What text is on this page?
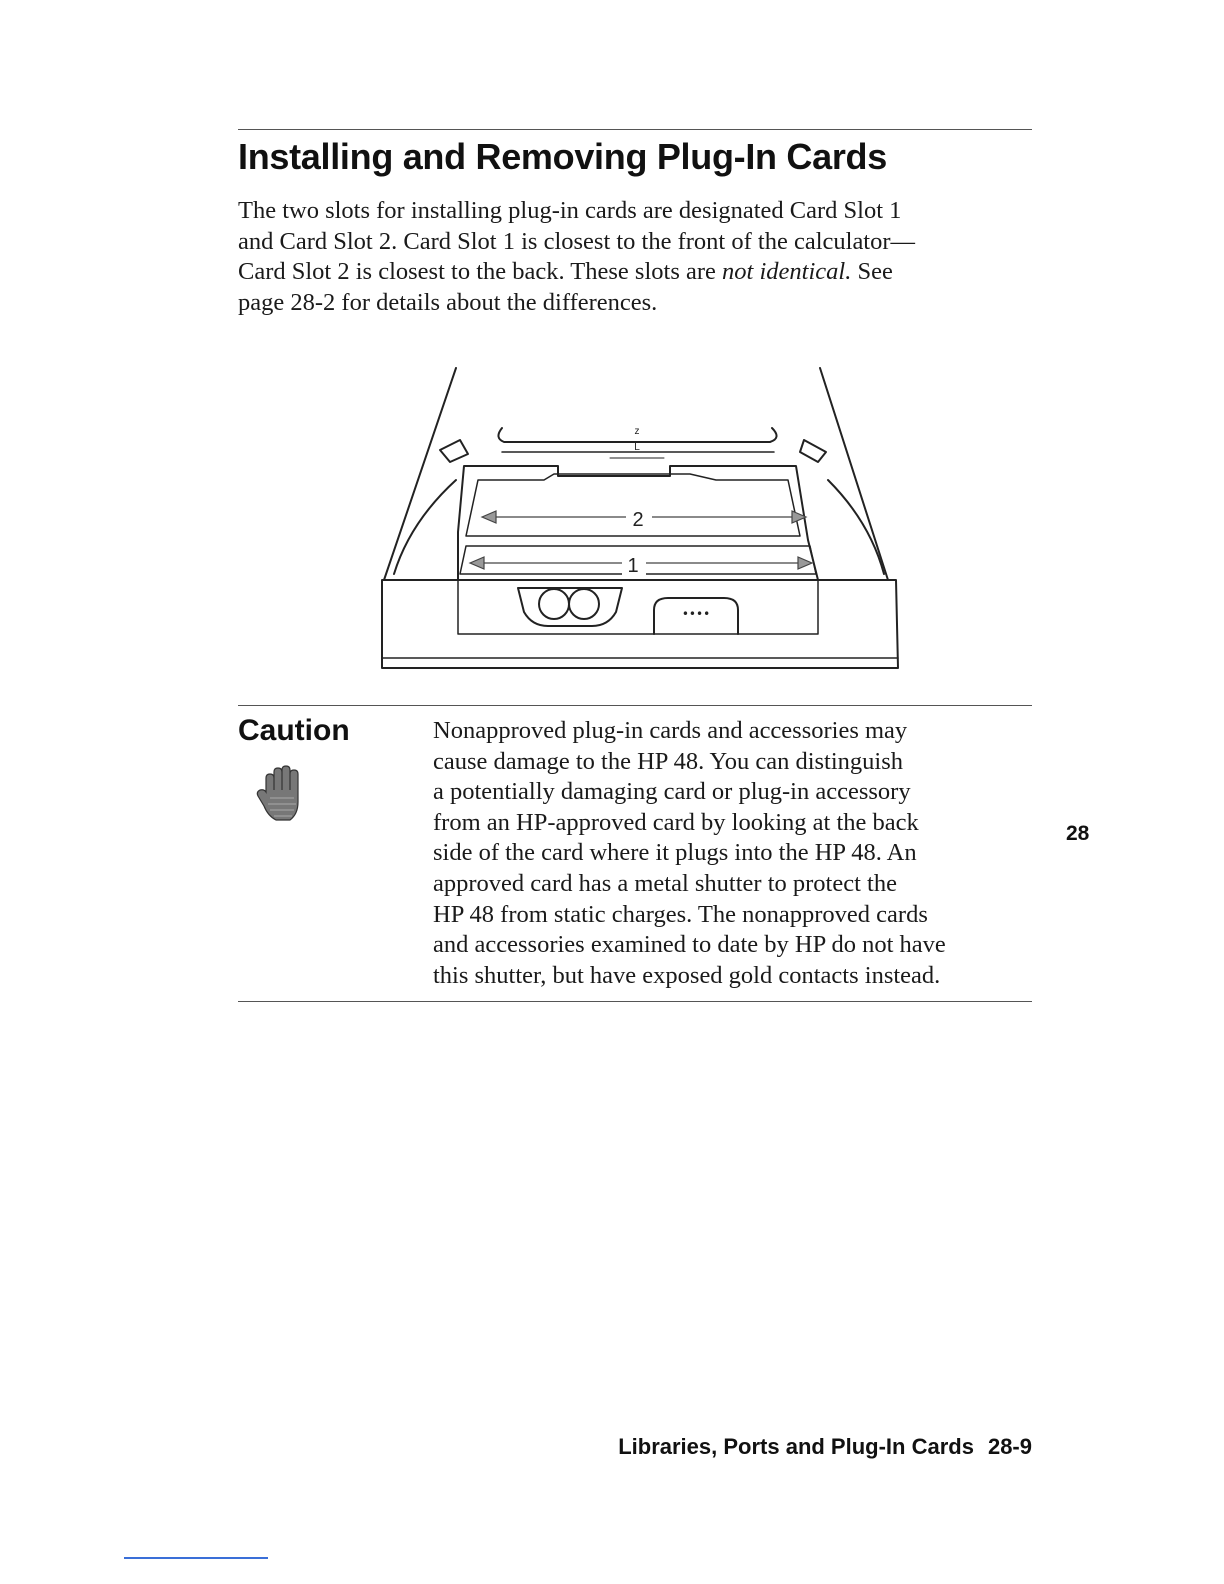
Installing and Removing Plug-In Cards
The two slots for installing plug-in cards are designated Card Slot 1
and Card Slot 2. Card Slot 1 is closest to the front of the calculator—
Card Slot 2 is closest to the back. These slots are not identical. See
page 28-2 for details about the differences.
2
1
z
L
••••
Caution	Nonapproved plug-in cards and accessories may
cause damage to the HP 48. You can distinguish
a potentially damaging card or plug-in accessory
from an HP-approved card by looking at the back
side of the card where it plugs into the HP 48. An
approved card has a metal shutter to protect the
HP 48 from static charges. The nonapproved cards
and accessories examined to date by HP do not have
this shutter, but have exposed gold contacts instead.
28
Libraries, Ports and Plug-In Cards 28-9
